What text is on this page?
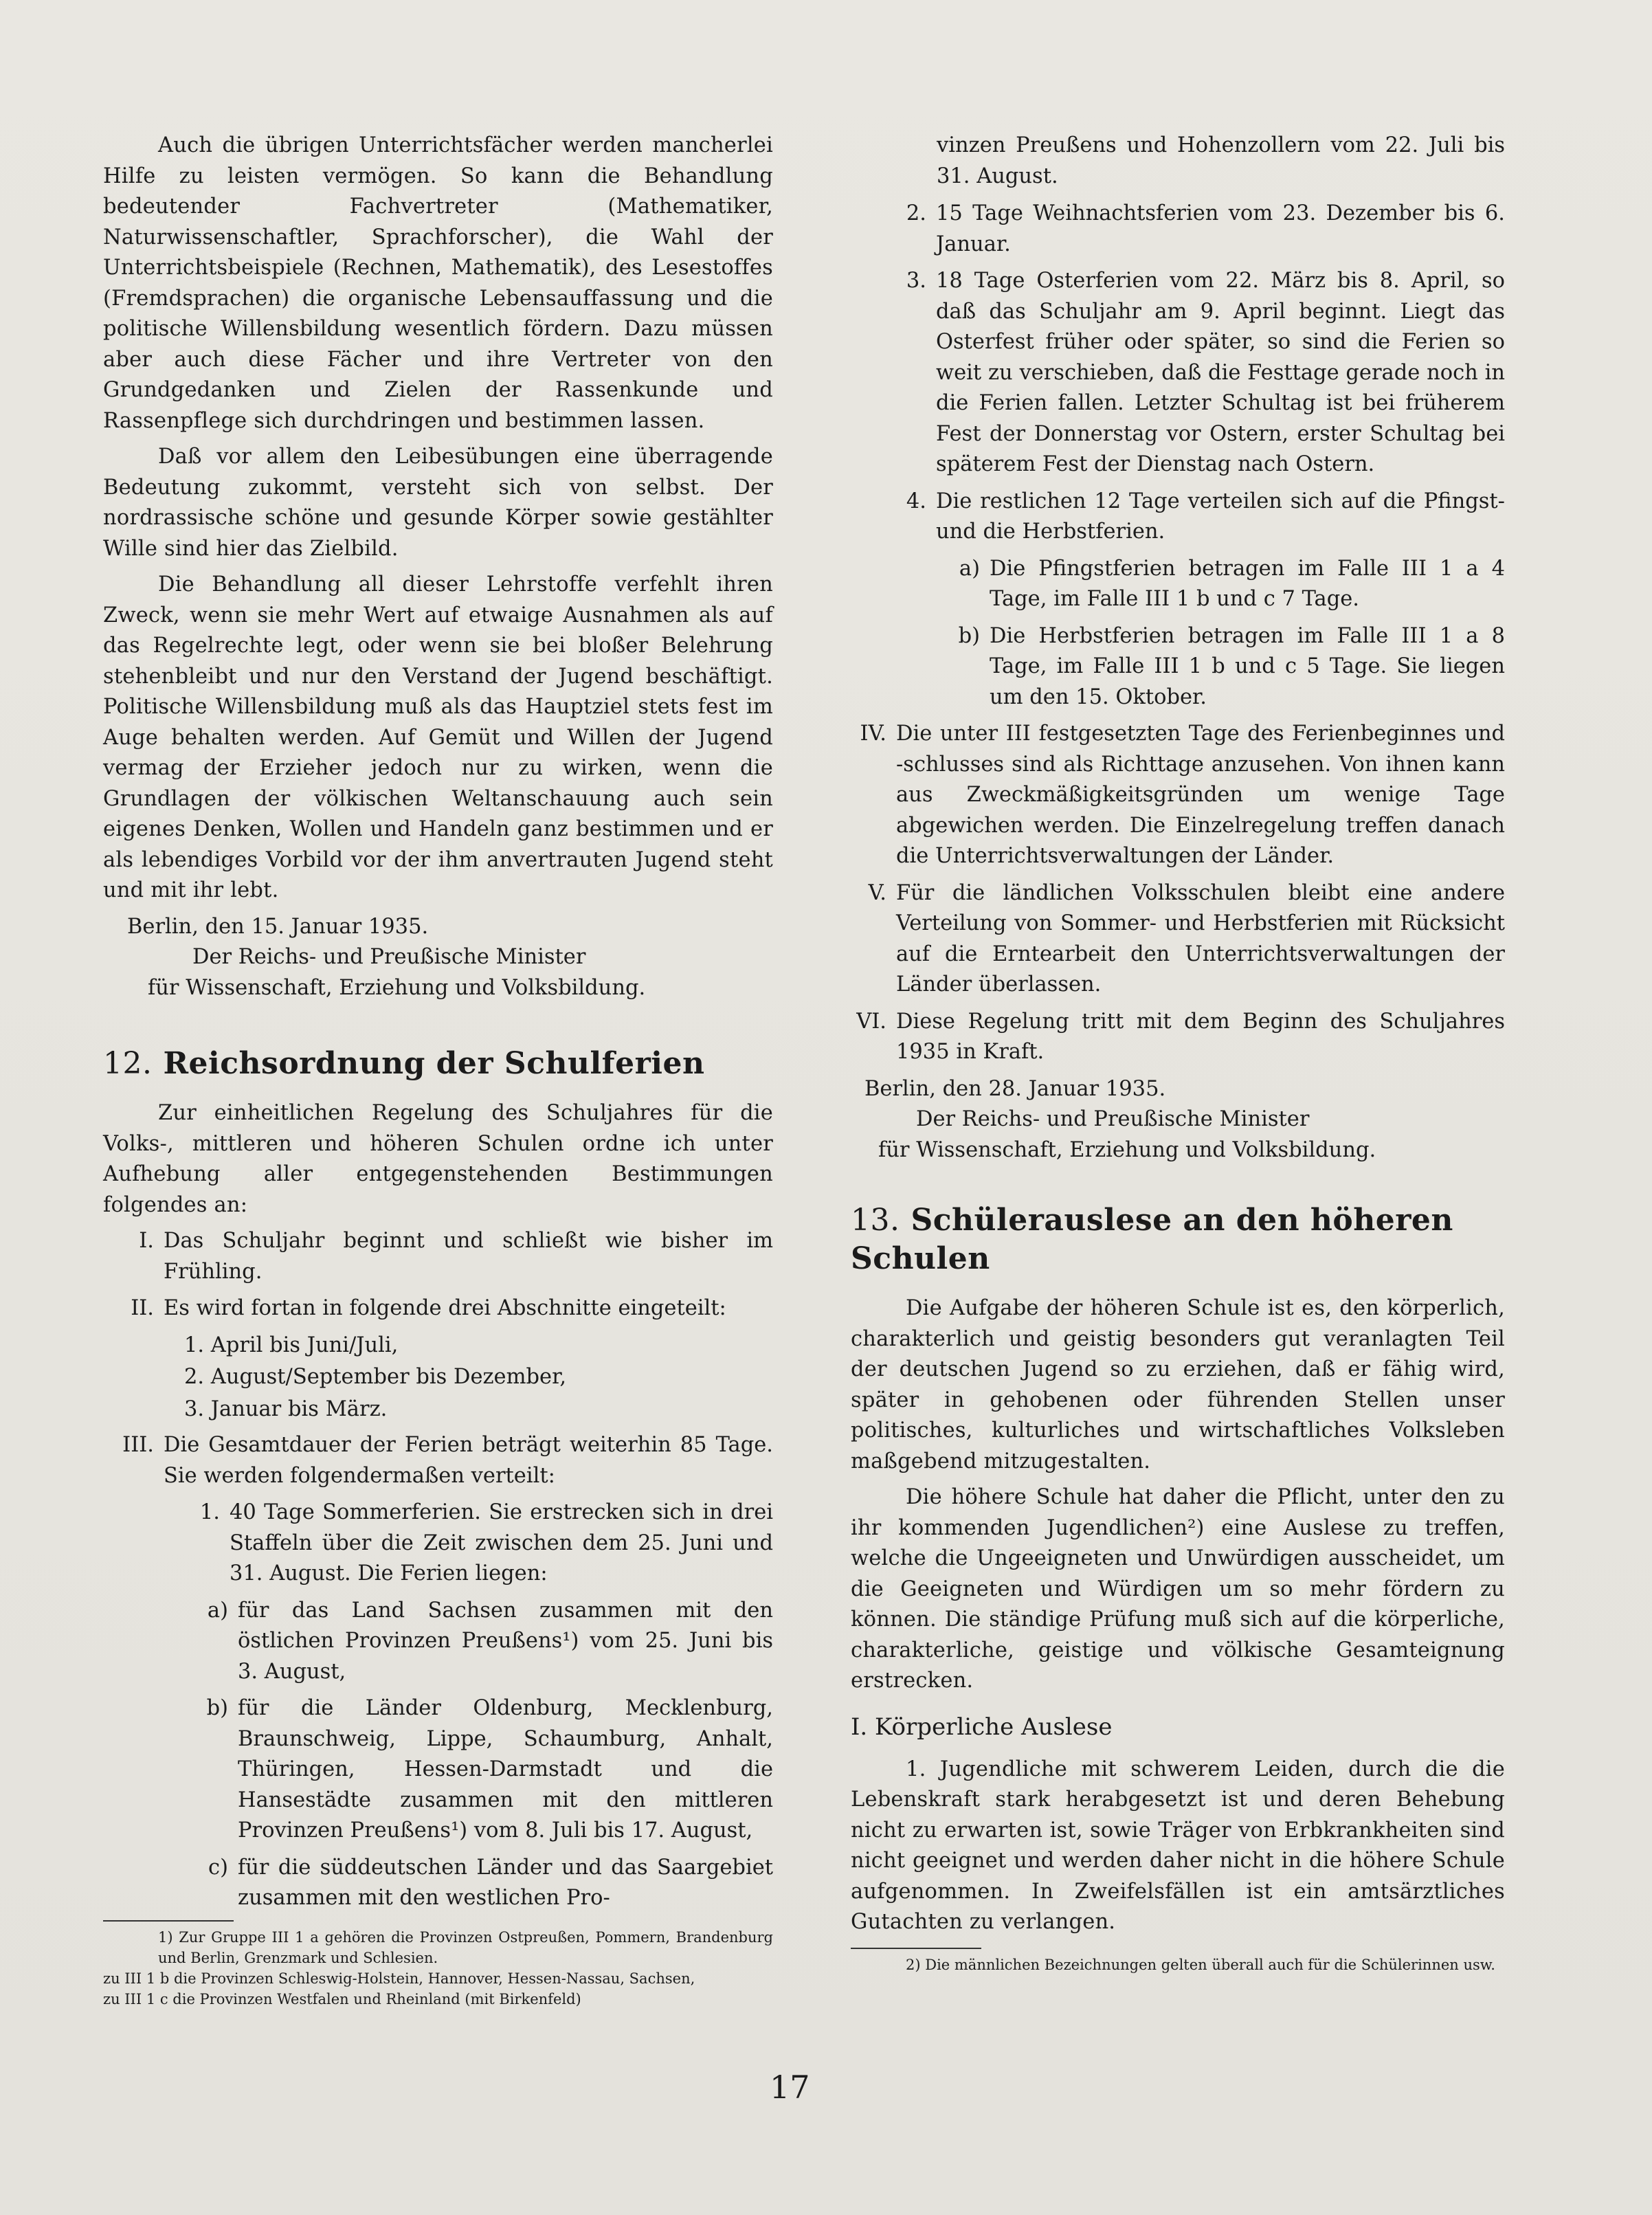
Auch die übrigen Unterrichtsfächer werden mancherlei Hilfe zu leisten vermögen. So kann die Behandlung bedeutender Fachvertreter (Mathematiker, Naturwissenschaftler, Sprachforscher), die Wahl der Unterrichtsbeispiele (Rechnen, Mathematik), des Lesestoffes (Fremdsprachen) die organische Lebensauffassung und die politische Willensbildung wesentlich fördern. Dazu müssen aber auch diese Fächer und ihre Vertreter von den Grundgedanken und Zielen der Rassenkunde und Rassenpflege sich durchdringen und bestimmen lassen.

Daß vor allem den Leibesübungen eine überragende Bedeutung zukommt, versteht sich von selbst. Der nordrassische schöne und gesunde Körper sowie gestählter Wille sind hier das Zielbild.

Die Behandlung all dieser Lehrstoffe verfehlt ihren Zweck, wenn sie mehr Wert auf etwaige Ausnahmen als auf das Regelrechte legt, oder wenn sie bei bloßer Belehrung stehenbleibt und nur den Verstand der Jugend beschäftigt. Politische Willensbildung muß als das Hauptziel stets fest im Auge behalten werden. Auf Gemüt und Willen der Jugend vermag der Erzieher jedoch nur zu wirken, wenn die Grundlagen der völkischen Weltanschauung auch sein eigenes Denken, Wollen und Handeln ganz bestimmen und er als lebendiges Vorbild vor der ihm anvertrauten Jugend steht und mit ihr lebt.

Berlin, den 15. Januar 1935.
Der Reichs- und Preußische Minister
für Wissenschaft, Erziehung und Volksbildung.
12. Reichsordnung der Schulferien

Zur einheitlichen Regelung des Schuljahres für die Volks-, mittleren und höheren Schulen ordne ich unter Aufhebung aller entgegenstehenden Bestimmungen folgendes an:

I. Das Schuljahr beginnt und schließt wie bisher im Frühling.
II. Es wird fortan in folgende drei Abschnitte eingeteilt:
1. April bis Juni/Juli,
2. August/September bis Dezember,
3. Januar bis März.
III. Die Gesamtdauer der Ferien beträgt weiterhin 85 Tage. Sie werden folgendermaßen verteilt:
1. 40 Tage Sommerferien. Sie erstrecken sich in drei Staffeln über die Zeit zwischen dem 25. Juni und 31. August. Die Ferien liegen:
a) für das Land Sachsen zusammen mit den östlichen Provinzen Preußens¹) vom 25. Juni bis 3. August,
b) für die Länder Oldenburg, Mecklenburg, Braunschweig, Lippe, Schaumburg, Anhalt, Thüringen, Hessen-Darmstadt und die Hansestädte zusammen mit den mittleren Provinzen Preußens¹) vom 8. Juli bis 17. August,
c) für die süddeutschen Länder und das Saargebiet zusammen mit den westlichen Pro-
1) Zur Gruppe III 1 a gehören die Provinzen Ostpreußen, Pommern, Brandenburg und Berlin, Grenzmark und Schlesien.
zu III 1 b die Provinzen Schleswig-Holstein, Hannover, Hessen-Nassau, Sachsen,
zu III 1 c die Provinzen Westfalen und Rheinland (mit Birkenfeld)
vinzen Preußens und Hohenzollern vom 22. Juli bis 31. August.
2. 15 Tage Weihnachtsferien vom 23. Dezember bis 6. Januar.
3. 18 Tage Osterferien vom 22. März bis 8. April, so daß das Schuljahr am 9. April beginnt. Liegt das Osterfest früher oder später, so sind die Ferien so weit zu verschieben, daß die Festtage gerade noch in die Ferien fallen. Letzter Schultag ist bei früherem Fest der Donnerstag vor Ostern, erster Schultag bei späterem Fest der Dienstag nach Ostern.
4. Die restlichen 12 Tage verteilen sich auf die Pfingst- und die Herbstferien.
a) Die Pfingstferien betragen im Falle III 1 a 4 Tage, im Falle III 1 b und c 7 Tage.
b) Die Herbstferien betragen im Falle III 1 a 8 Tage, im Falle III 1 b und c 5 Tage. Sie liegen um den 15. Oktober.
IV. Die unter III festgesetzten Tage des Ferienbeginnes und -schlusses sind als Richttage anzusehen. Von ihnen kann aus Zweckmäßigkeitsgründen um wenige Tage abgewichen werden. Die Einzelregelung treffen danach die Unterrichtsverwaltungen der Länder.
V. Für die ländlichen Volksschulen bleibt eine andere Verteilung von Sommer- und Herbstferien mit Rücksicht auf die Erntearbeit den Unterrichtsverwaltungen der Länder überlassen.
VI. Diese Regelung tritt mit dem Beginn des Schuljahres 1935 in Kraft.
Berlin, den 28. Januar 1935.
Der Reichs- und Preußische Minister
für Wissenschaft, Erziehung und Volksbildung.
13. Schülerauslese an den höheren Schulen

Die Aufgabe der höheren Schule ist es, den körperlich, charakterlich und geistig besonders gut veranlagten Teil der deutschen Jugend so zu erziehen, daß er fähig wird, später in gehobenen oder führenden Stellen unser politisches, kulturliches und wirtschaftliches Volksleben maßgebend mitzugestalten.

Die höhere Schule hat daher die Pflicht, unter den zu ihr kommenden Jugendlichen²) eine Auslese zu treffen, welche die Ungeeigneten und Unwürdigen ausscheidet, um die Geeigneten und Würdigen um so mehr fördern zu können. Die ständige Prüfung muß sich auf die körperliche, charakterliche, geistige und völkische Gesamteignung erstrecken.

I. Körperliche Auslese

1. Jugendliche mit schwerem Leiden, durch die die Lebenskraft stark herabgesetzt ist und deren Behebung nicht zu erwarten ist, sowie Träger von Erbkrankheiten sind nicht geeignet und werden daher nicht in die höhere Schule aufgenommen. In Zweifelsfällen ist ein amtsärztliches Gutachten zu verlangen.

2) Die männlichen Bezeichnungen gelten überall auch für die Schülerinnen usw.
17
